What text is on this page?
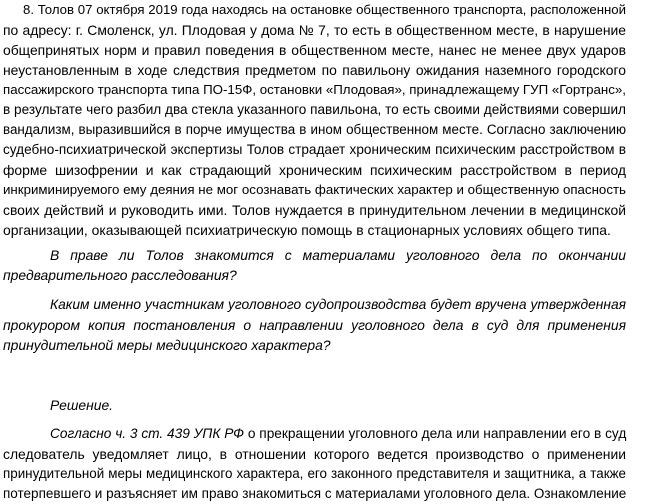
8. Толов 07 октября 2019 года находясь на остановке общественного транспорта, расположенной
по адресу: г. Смоленск, ул. Плодовая у дома № 7, то есть в общественном месте, в нарушение
общепринятых норм и правил поведения в общественном месте, нанес не менее двух ударов
неустановленным в ходе следствия предметом по павильону ожидания наземного городского
пассажирского транспорта типа ПО-15Ф, остановки «Плодовая», принадлежащему ГУП «Гортранс»,
в результате чего разбил два стекла указанного павильона, то есть своими действиями совершил
вандализм, выразившийся в порче имущества в ином общественном месте. Согласно заключению
судебно-психиатрической экспертизы Толов страдает хроническим психическим расстройством в
форме шизофрении и как страдающий хроническим психическим расстройством в период
инкриминируемого ему деяния не мог осознавать фактических характер и общественную опасность
своих действий и руководить ими. Толов нуждается в принудительном лечении в медицинской
организации, оказывающей психиатрическую помощь в стационарных условиях общего типа.
В праве ли Толов знакомится с материалами уголовного дела по окончании
предварительного расследования?
Каким именно участникам уголовного судопроизводства будет вручена утвержденная
прокурором копия постановления о направлении уголовного дела в суд для применения
принудительной меры медицинского характера?
Решение.
Согласно ч. 3 ст. 439 УПК РФ о прекращении уголовного дела или направлении его в суд
следователь уведомляет лицо, в отношении которого ведется производство о применении
принудительной меры медицинского характера, его законного представителя и защитника, а также
потерпевшего и разъясняет им право знакомиться с материалами уголовного дела. Ознакомление
